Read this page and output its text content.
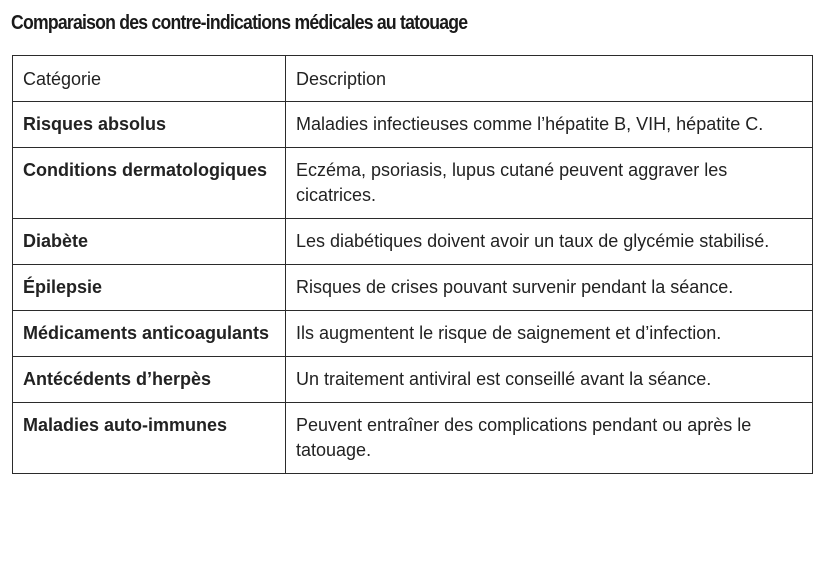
Comparaison des contre-indications médicales au tatouage
Catégorie	Description
Risques absolus	Maladies infectieuses comme l’hépatite B, VIH, hépatite C.
Conditions dermatologiques	Eczéma, psoriasis, lupus cutané peuvent aggraver les cicatrices.
Diabète	Les diabétiques doivent avoir un taux de glycémie stabilisé.
Épilepsie	Risques de crises pouvant survenir pendant la séance.
Médicaments anticoagulants	Ils augmentent le risque de saignement et d’infection.
Antécédents d’herpès	Un traitement antiviral est conseillé avant la séance.
Maladies auto-immunes	Peuvent entraîner des complications pendant ou après le tatouage.
